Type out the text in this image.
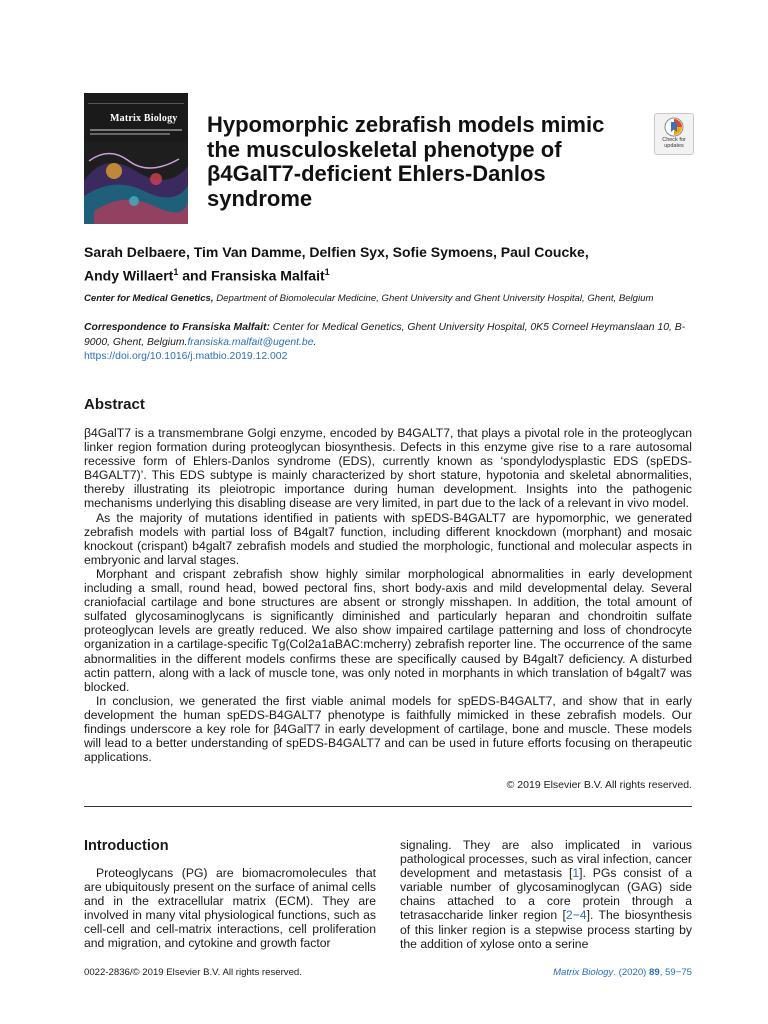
Matrix Biology
Check for
updates
Hypomorphic zebrafish models mimic the musculoskeletal phenotype of β4GalT7-deficient Ehlers-Danlos syndrome
Sarah Delbaere, Tim Van Damme, Delfien Syx, Sofie Symoens, Paul Coucke,
Andy Willaert$^1$ and Fransiska Malfait$^1$
Center for Medical Genetics, Department of Biomolecular Medicine, Ghent University and Ghent University Hospital, Ghent, Belgium
Correspondence to Fransiska Malfait: Center for Medical Genetics, Ghent University Hospital, 0K5 Corneel Heymanslaan 10, B-9000, Ghent, Belgium.fransiska.malfait@ugent.be.
https://doi.org/10.1016/j.matbio.2019.12.002
Abstract

β4GalT7 is a transmembrane Golgi enzyme, encoded by B4GALT7, that plays a pivotal role in the proteoglycan linker region formation during proteoglycan biosynthesis. Defects in this enzyme give rise to a rare autosomal recessive form of Ehlers-Danlos syndrome (EDS), currently known as ‘spondylodysplastic EDS (spEDS-B4GALT7)’. This EDS subtype is mainly characterized by short stature, hypotonia and skeletal abnormalities, thereby illustrating its pleiotropic importance during human development. Insights into the pathogenic mechanisms underlying this disabling disease are very limited, in part due to the lack of a relevant in vivo model.

As the majority of mutations identified in patients with spEDS-B4GALT7 are hypomorphic, we generated zebrafish models with partial loss of B4galt7 function, including different knockdown (morphant) and mosaic knockout (crispant) b4galt7 zebrafish models and studied the morphologic, functional and molecular aspects in embryonic and larval stages.

Morphant and crispant zebrafish show highly similar morphological abnormalities in early development including a small, round head, bowed pectoral fins, short body-axis and mild developmental delay. Several craniofacial cartilage and bone structures are absent or strongly misshapen. In addition, the total amount of sulfated glycosaminoglycans is significantly diminished and particularly heparan and chondroitin sulfate proteoglycan levels are greatly reduced. We also show impaired cartilage patterning and loss of chondrocyte organization in a cartilage-specific Tg(Col2a1aBAC:mcherry) zebrafish reporter line. The occurrence of the same abnormalities in the different models confirms these are specifically caused by B4galt7 deficiency. A disturbed actin pattern, along with a lack of muscle tone, was only noted in morphants in which translation of b4galt7 was blocked.

In conclusion, we generated the first viable animal models for spEDS-B4GALT7, and show that in early development the human spEDS-B4GALT7 phenotype is faithfully mimicked in these zebrafish models. Our findings underscore a key role for β4GalT7 in early development of cartilage, bone and muscle. These models will lead to a better understanding of spEDS-B4GALT7 and can be used in future efforts focusing on therapeutic applications.

© 2019 Elsevier B.V. All rights reserved.
Introduction

Proteoglycans (PG) are biomacromolecules that are ubiquitously present on the surface of animal cells and in the extracellular matrix (ECM). They are involved in many vital physiological functions, such as cell-cell and cell-matrix interactions, cell proliferation and migration, and cytokine and growth factor

signaling. They are also implicated in various pathological processes, such as viral infection, cancer development and metastasis [1]. PGs consist of a variable number of glycosaminoglycan (GAG) side chains attached to a core protein through a tetrasaccharide linker region [2−4]. The biosynthesis of this linker region is a stepwise process starting by the addition of xylose onto a serine

0022-2836/© 2019 Elsevier B.V. All rights reserved.	Matrix Biology. (2020) 89, 59−75
